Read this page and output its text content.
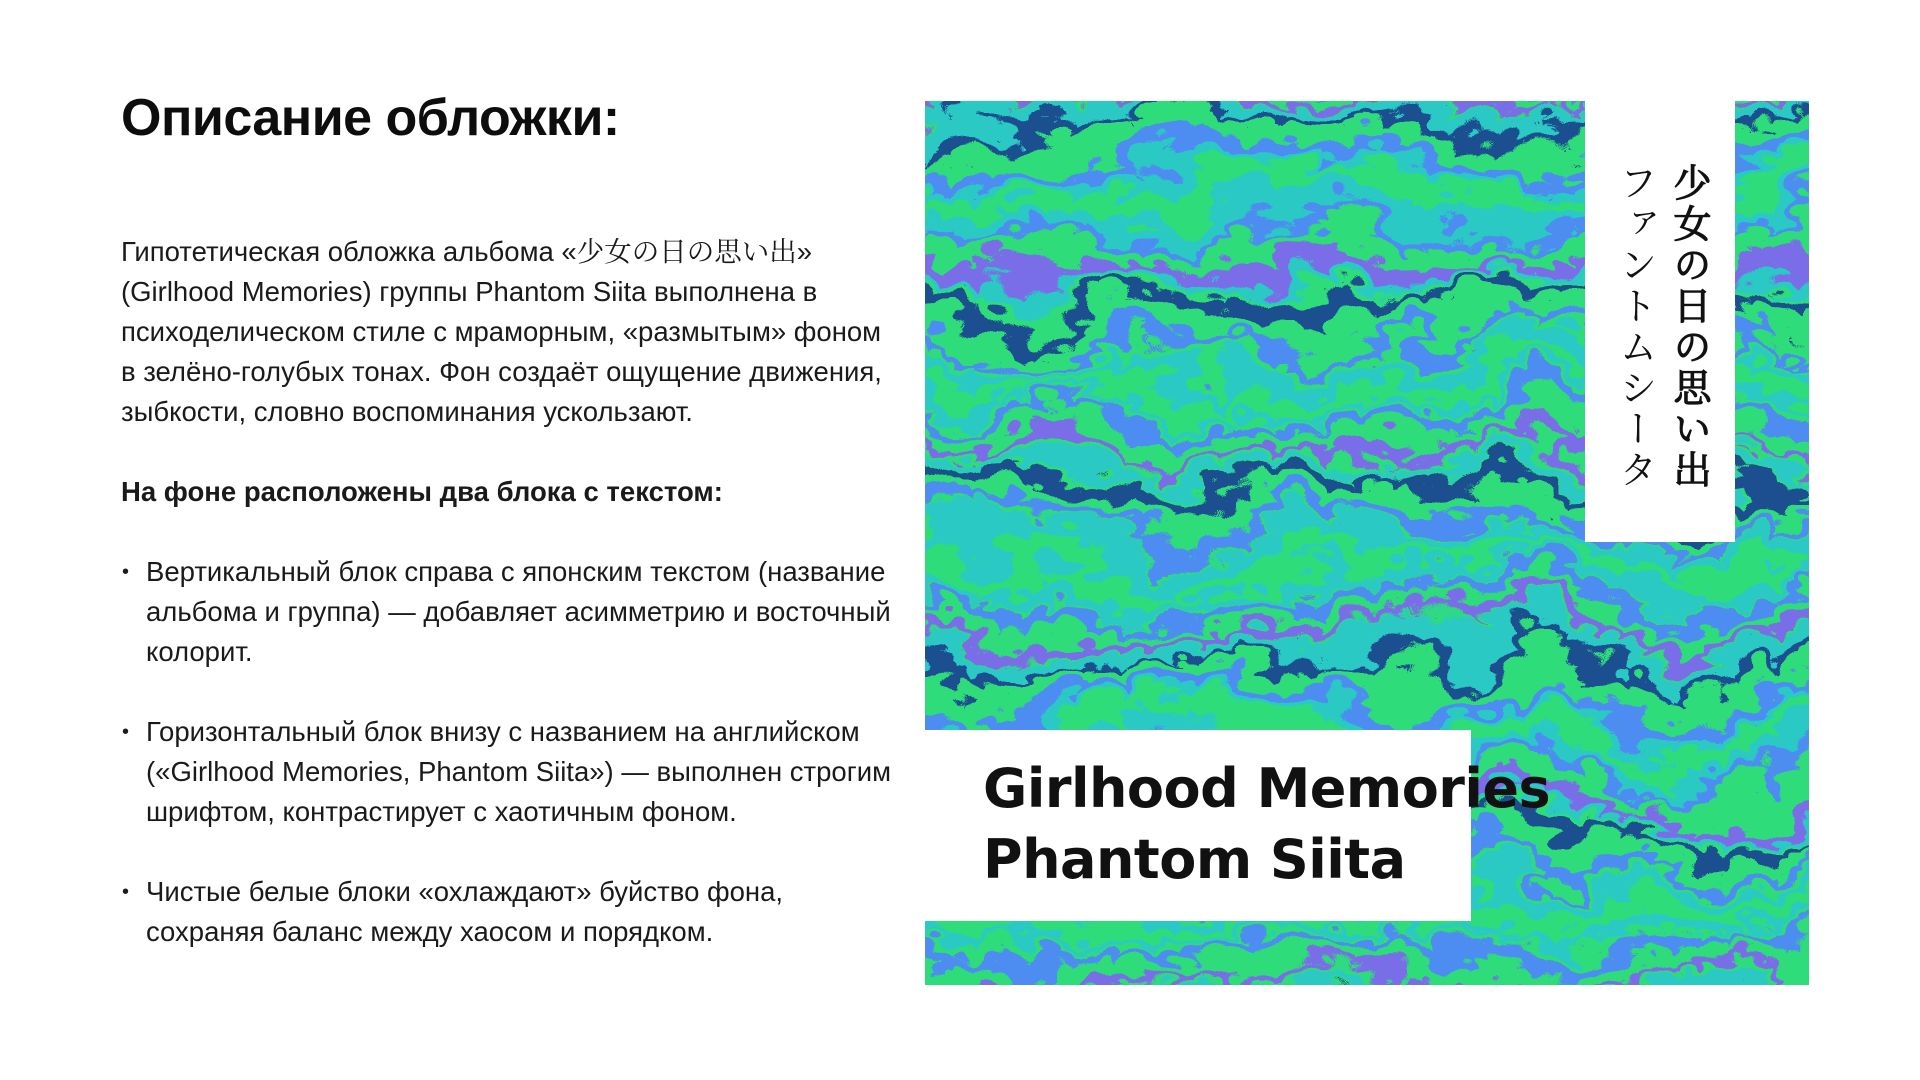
Описание обложки:

Гипотетическая обложка альбома «少女の日の思い出» (Girlhood Memories) группы Phantom Siita выполнена в психоделическом стиле с мраморным, «размытым» фоном в зелёно-голубых тонах. Фон создаёт ощущение движения, зыбкости, словно воспоминания ускользают.

На фоне расположены два блока с текстом:

• Вертикальный блок справа с японским текстом (название альбома и группа) — добавляет асимметрию и восточный колорит.
• Горизонтальный блок внизу с названием на английском («Girlhood Memories, Phantom Siita») — выполнен строгим шрифтом, контрастирует с хаотичным фоном.
• Чистые белые блоки «охлаждают» буйство фона, сохраняя баланс между хаосом и порядком.
少女の日の思い出
ファントムシータ
Girlhood Memories
Phantom Siita
